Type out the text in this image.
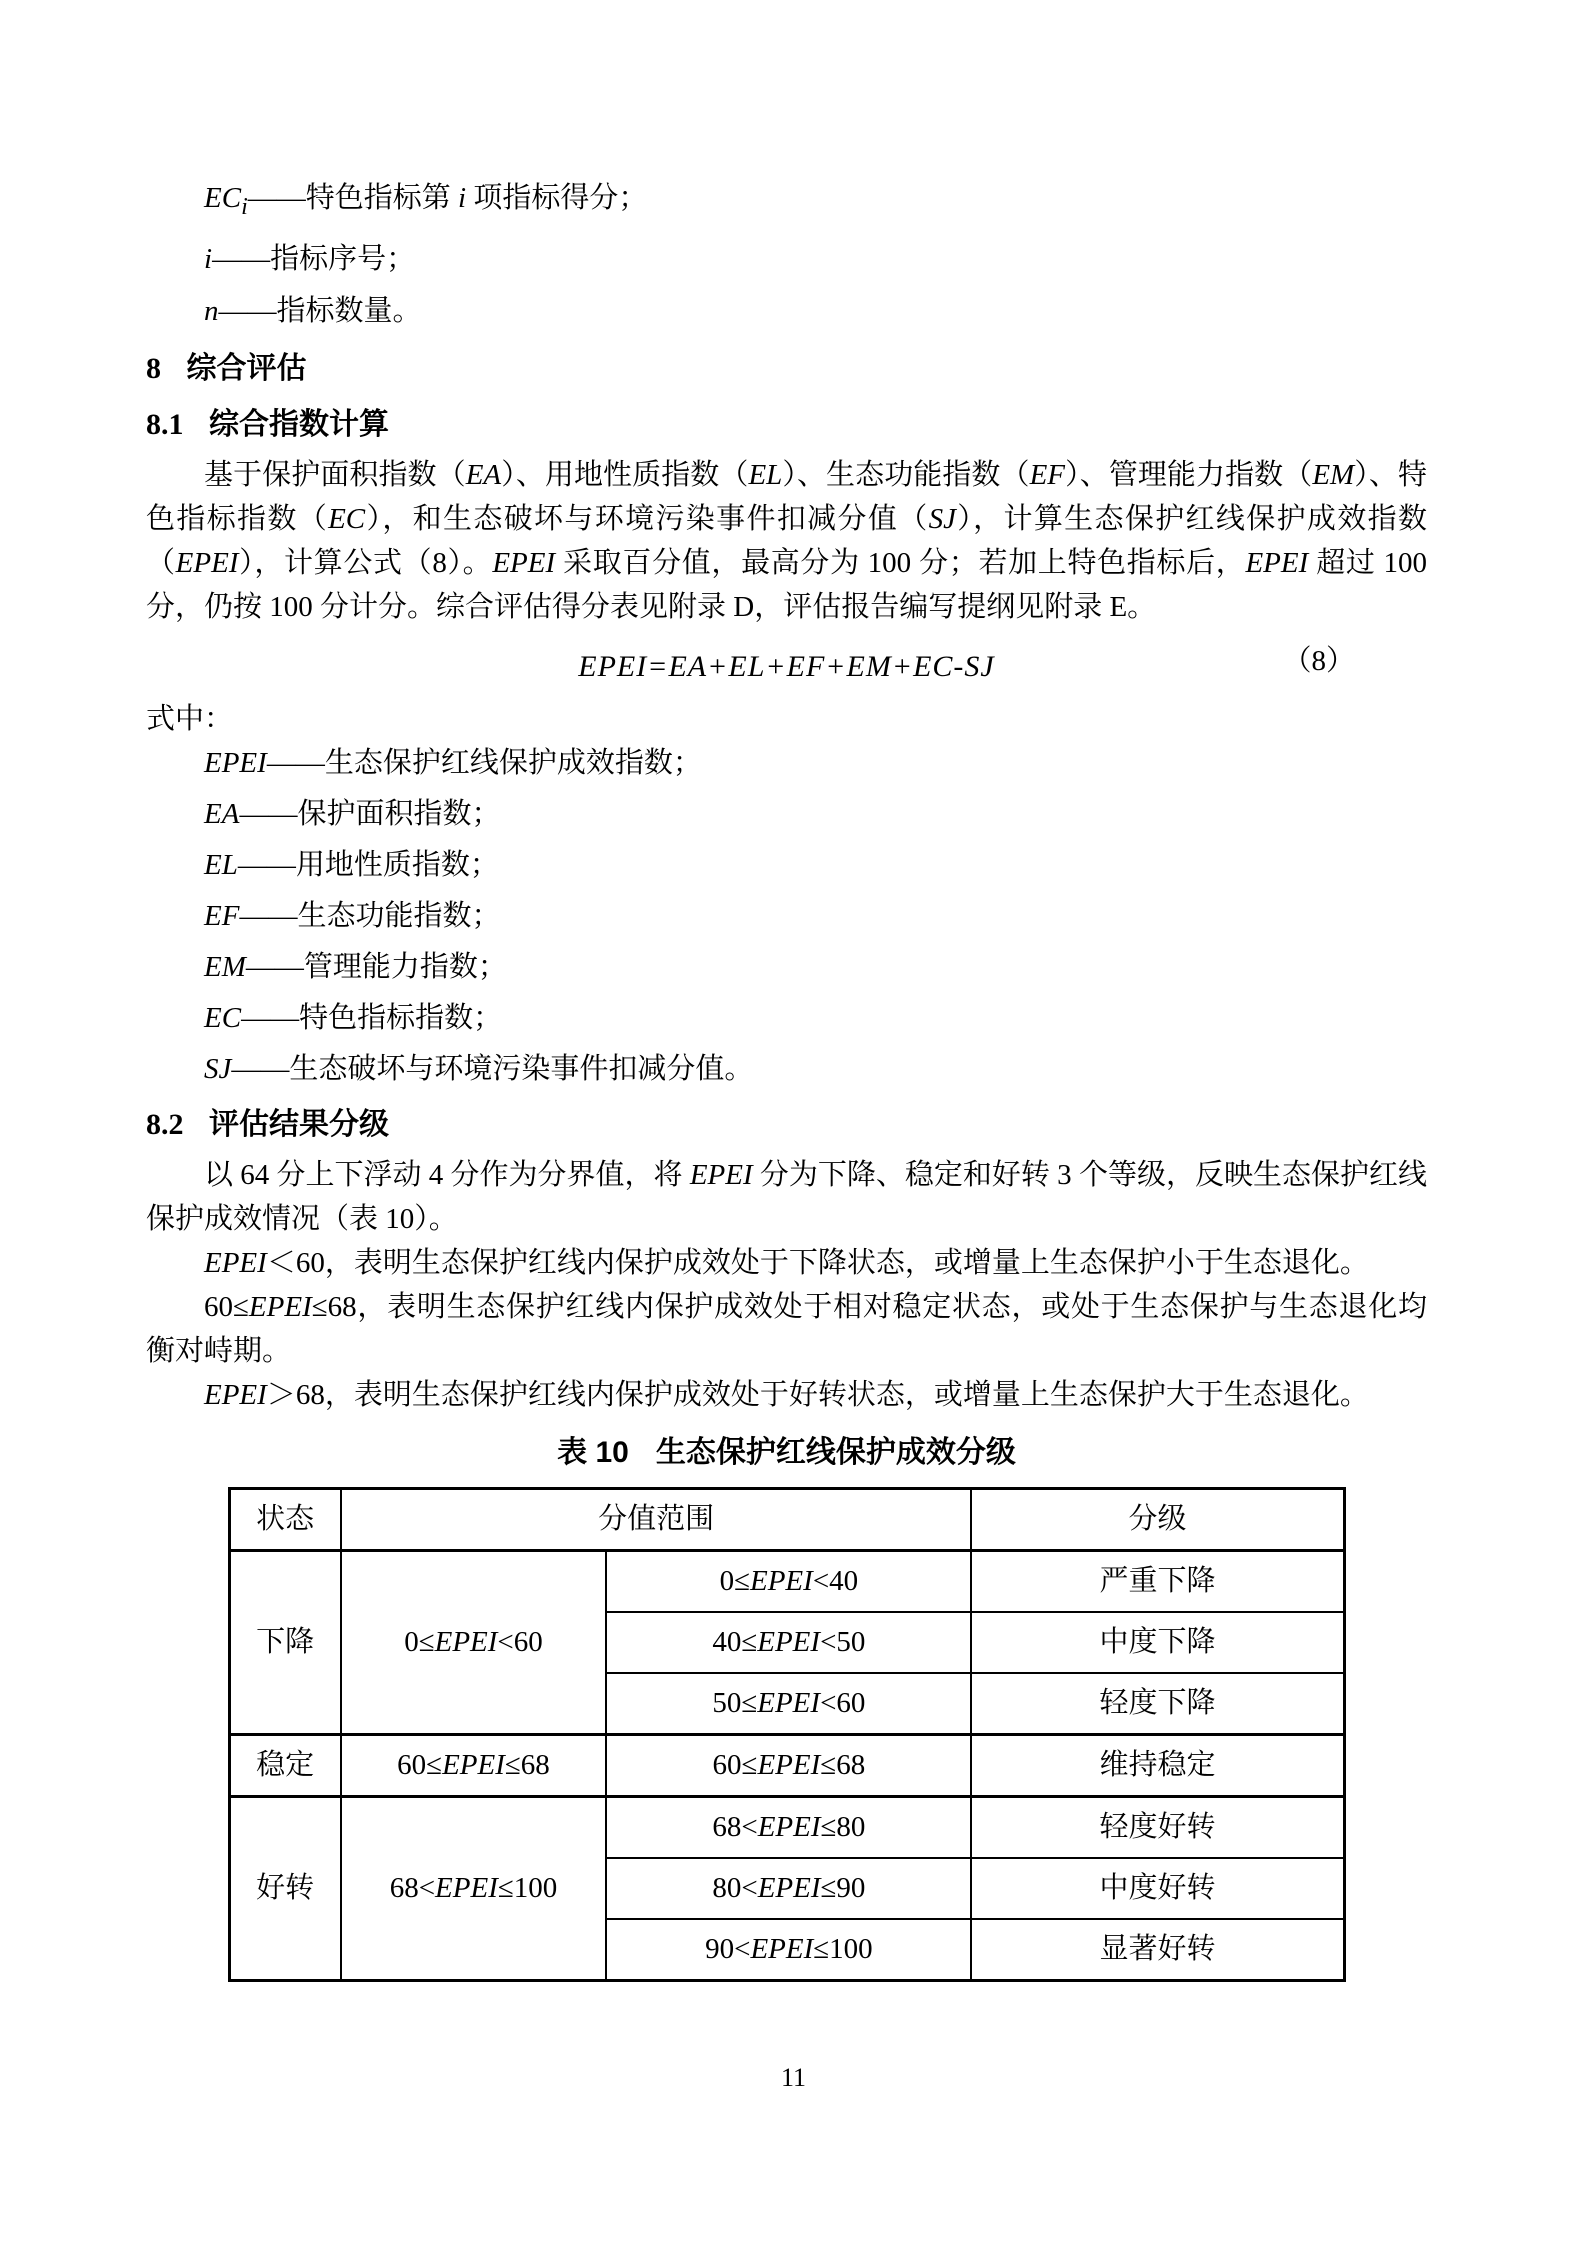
$EC_i——$特色指标第 i 项指标得分；

i——指标序号；

n——指标数量。

8 综合评估
8.1 综合指数计算

基于保护面积指数（EA）、用地性质指数（EL）、生态功能指数（EF）、管理能力指数（EM）、特色指标指数（EC），和生态破坏与环境污染事件扣减分值（SJ），计算生态保护红线保护成效指数（EPEI），计算公式（8）。EPEI 采取百分值，最高分为 100 分；若加上特色指标后，EPEI 超过 100 分，仍按 100 分计分。综合评估得分表见附录 D，评估报告编写提纲见附录 E。

EPEI=EA+EL+EF+EM+EC-SJ	（8）

式中：

EPEI——生态保护红线保护成效指数；

EA——保护面积指数；

EL——用地性质指数；

EF——生态功能指数；

EM——管理能力指数；

EC——特色指标指数；

SJ——生态破坏与环境污染事件扣减分值。

8.2 评估结果分级

以 64 分上下浮动 4 分作为分界值，将 EPEI 分为下降、稳定和好转 3 个等级，反映生态保护红线保护成效情况（表 10）。

EPEI＜60，表明生态保护红线内保护成效处于下降状态，或增量上生态保护小于生态退化。

60≤EPEI≤68，表明生态保护红线内保护成效处于相对稳定状态，或处于生态保护与生态退化均衡对峙期。

EPEI＞68，表明生态保护红线内保护成效处于好转状态，或增量上生态保护大于生态退化。

表 10 生态保护红线保护成效分级
状态	分值范围		分级
下降	0≤EPEI<60	0≤EPEI<40	严重下降
		40≤EPEI<50	中度下降
		50≤EPEI<60	轻度下降
稳定	60≤EPEI≤68	60≤EPEI≤68	维持稳定
好转	68<EPEI≤100	68<EPEI≤80	轻度好转
		80<EPEI≤90	中度好转
		90<EPEI≤100	显著好转
11
